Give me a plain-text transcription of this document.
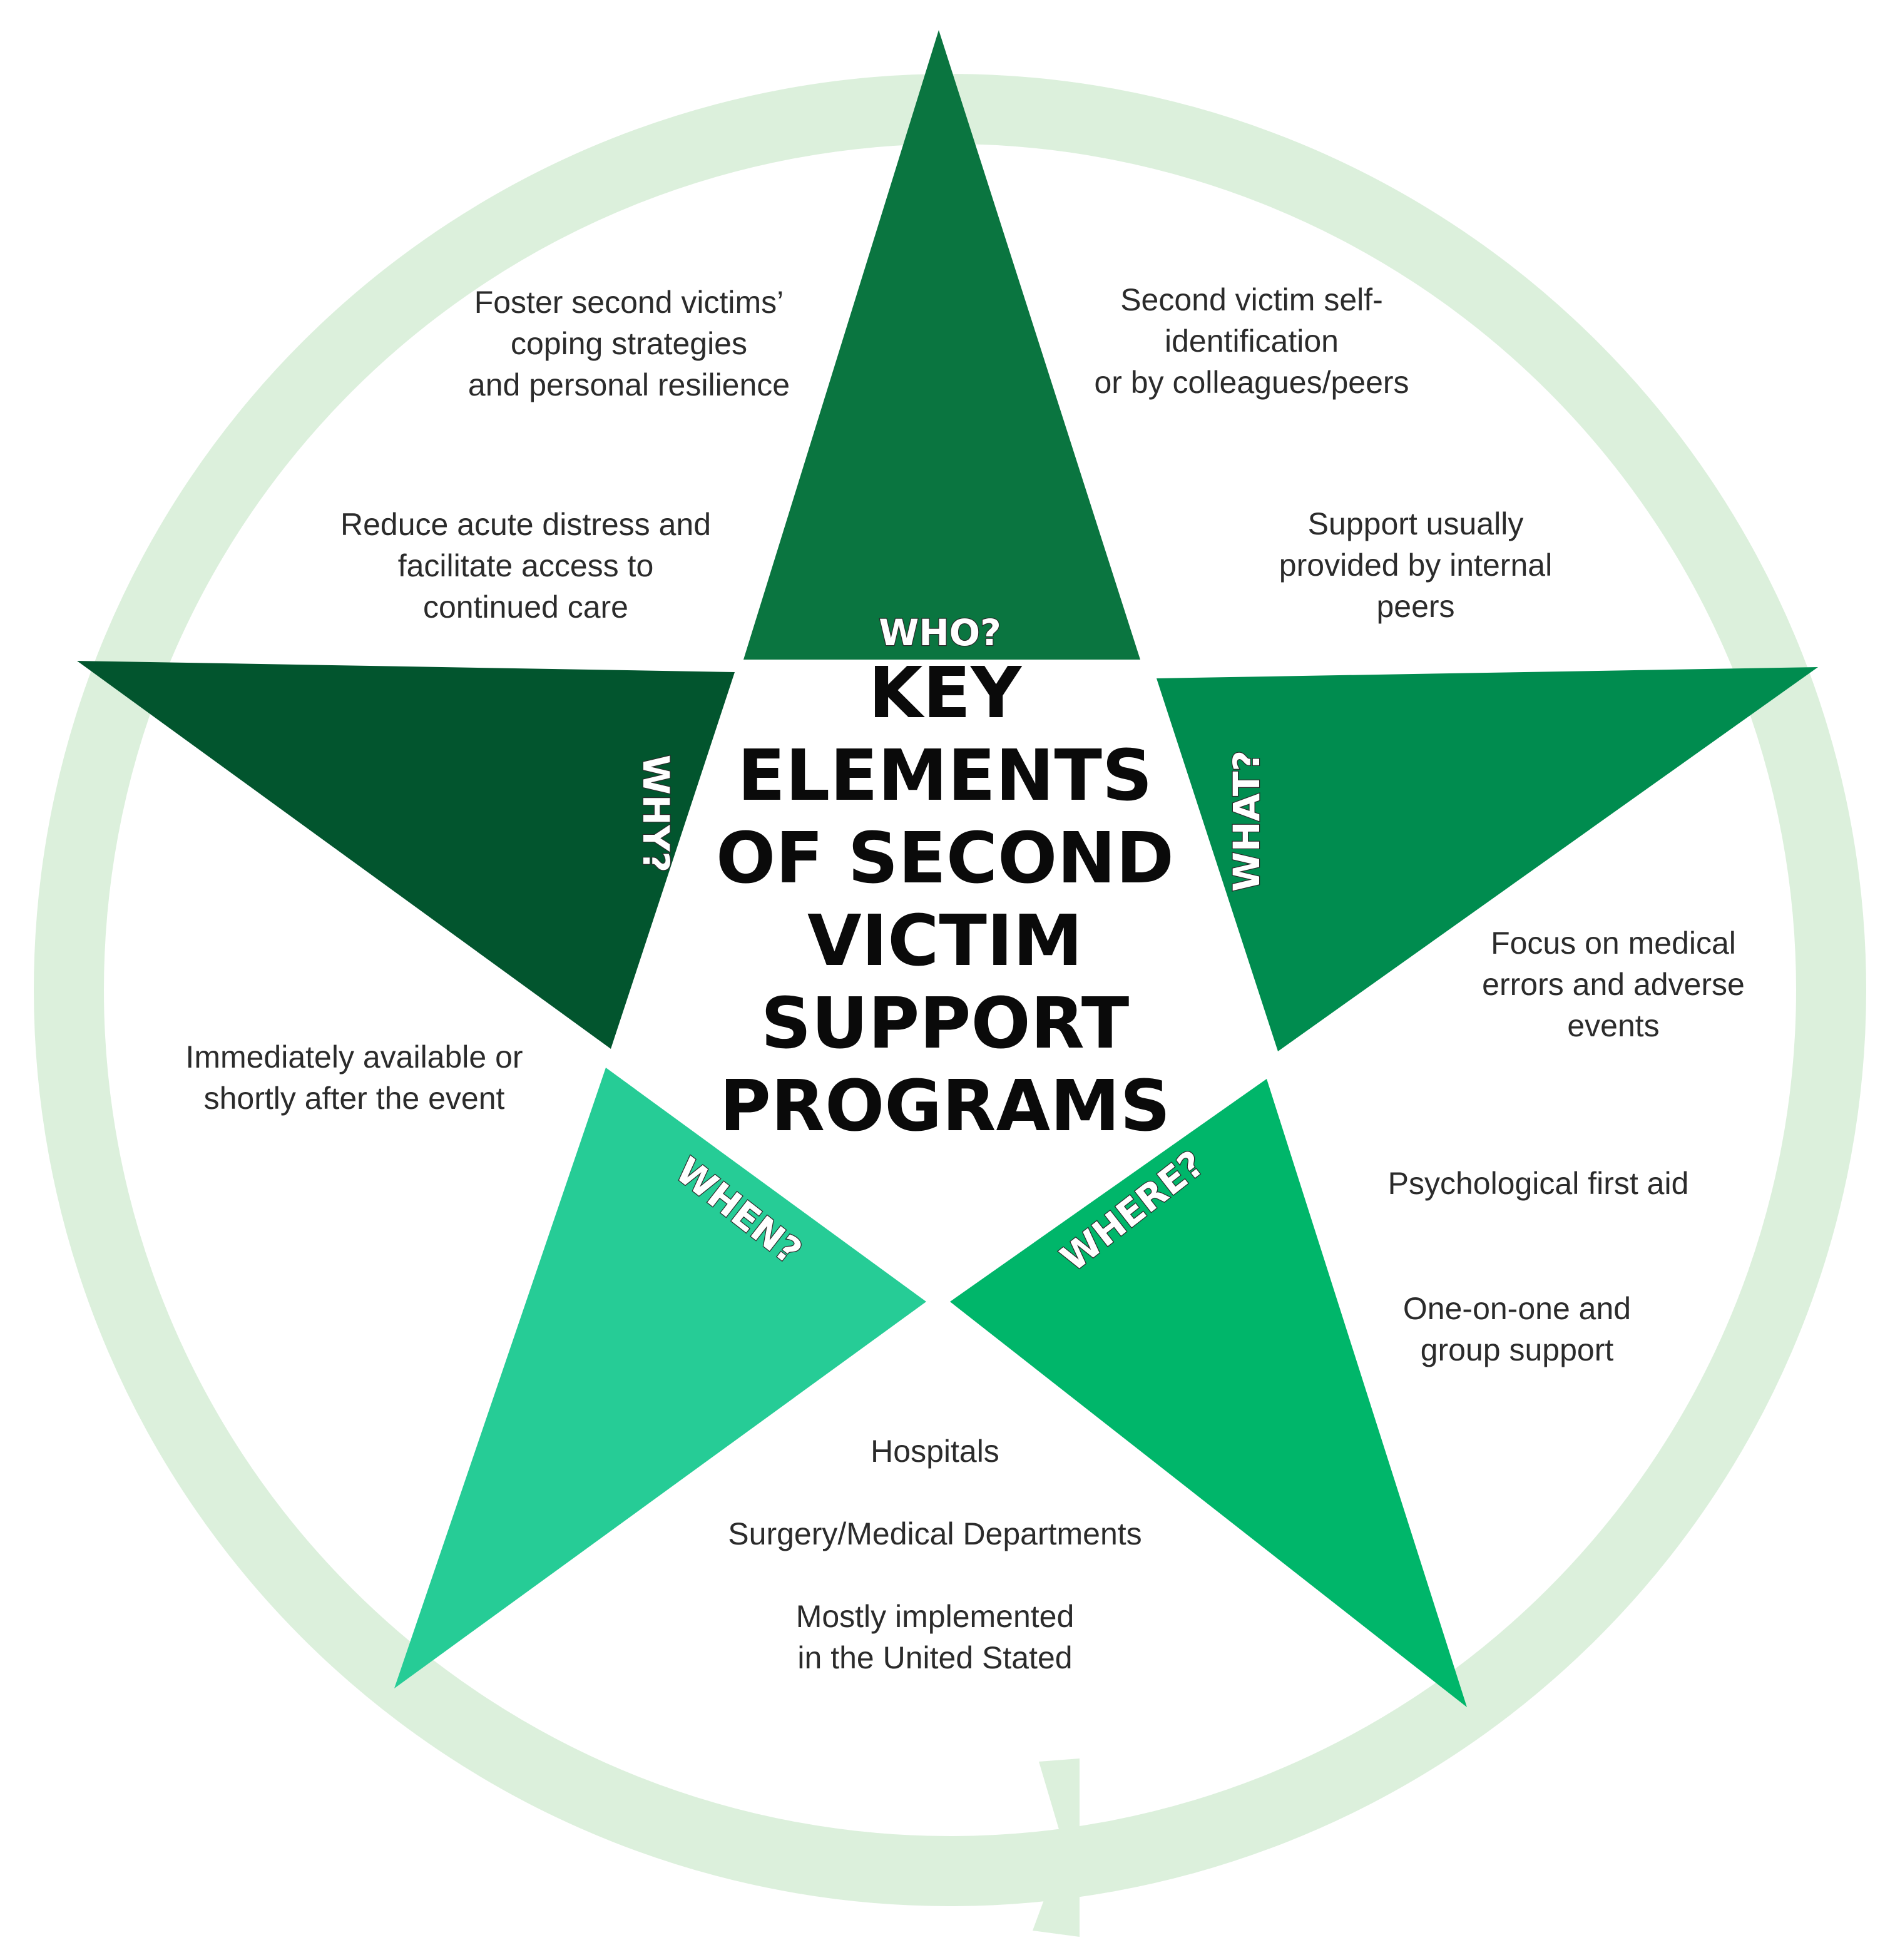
WHO?
WHAT?
WHERE?
WHEN?
WHY?
KEY ELEMENTS OF SECOND VICTIM SUPPORT PROGRAMS
Foster second victims’ coping strategies and personal resilience
Reduce acute distress and facilitate access to continued care
Second victim self-identification or by colleagues/peers
Support usually provided by internal peers
Focus on medical errors and adverse events
Psychological first aid
One-on-one and group support
Immediately available or shortly after the event
Hospitals
Surgery/Medical Departments
Mostly implemented in the United Stated
